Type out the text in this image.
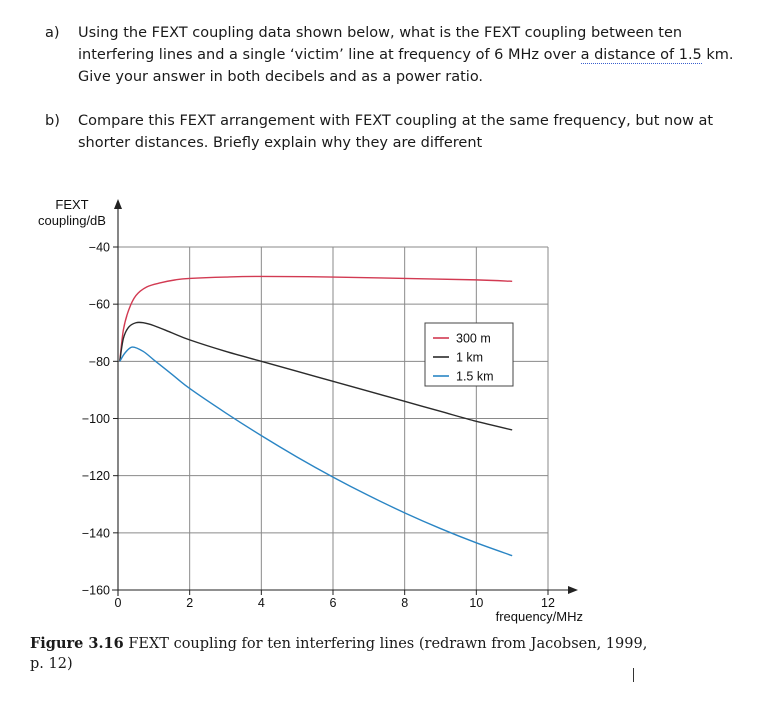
a) Using the FEXT coupling data shown below, what is the FEXT coupling between ten interfering lines and a single ‘victim’ line at frequency of 6 MHz over a distance of 1.5 km. Give your answer in both decibels and as a power ratio.
b) Compare this FEXT arrangement with FEXT coupling at the same frequency, but now at shorter distances. Briefly explain why they are different
−40
−60
−80
−100
−120
−140
−160
0	2	4	6	8	10	12
FEXT
coupling/dB
frequency/MHz
300 m
1 km
1.5 km
Figure 3.16 FEXT coupling for ten interfering lines (redrawn from Jacobsen, 1999, p. 12)
